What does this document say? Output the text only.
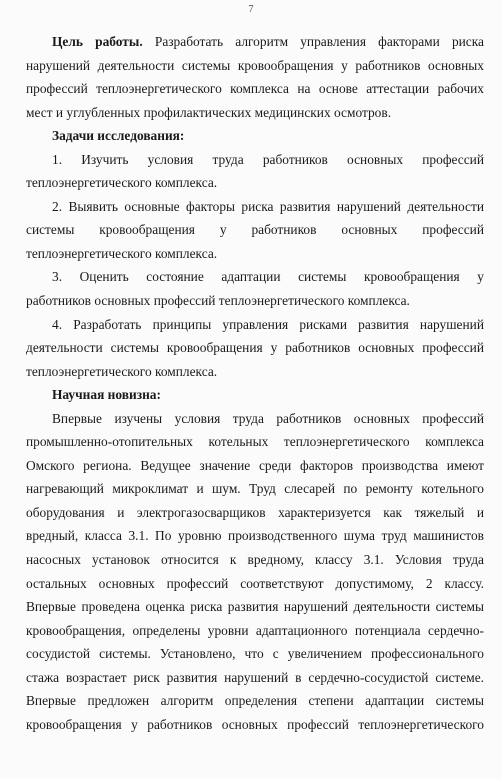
7

Цель работы. Разработать алгоритм управления факторами риска

нарушений деятельности системы кровообращения у работников основных

профессий теплоэнергетического комплекса на основе аттестации рабочих

мест и углубленных профилактических медицинских осмотров.

Задачи исследования:

1. Изучить условия труда работников основных профессий

теплоэнергетического комплекса.

2. Выявить основные факторы риска развития нарушений деятельности

системы кровообращения у работников основных профессий

теплоэнергетического комплекса.

3. Оценить состояние адаптации системы кровообращения у

работников основных профессий теплоэнергетического комплекса.

4. Разработать принципы управления рисками развития нарушений

деятельности системы кровообращения у работников основных профессий

теплоэнергетического комплекса.

Научная новизна:

Впервые изучены условия труда работников основных профессий

промышленно-отопительных котельных теплоэнергетического комплекса

Омского региона. Ведущее значение среди факторов производства имеют

нагревающий микроклимат и шум. Труд слесарей по ремонту котельного

оборудования и электрогазосварщиков характеризуется как тяжелый и

вредный, класса 3.1. По уровню производственного шума труд машинистов

насосных установок относится к вредному, классу 3.1. Условия труда

остальных основных профессий соответствуют допустимому, 2 классу.

Впервые проведена оценка риска развития нарушений деятельности системы

кровообращения, определены уровни адаптационного потенциала сердечно-

сосудистой системы. Установлено, что с увеличением профессионального

стажа возрастает риск развития нарушений в сердечно-сосудистой системе.

Впервые предложен алгоритм определения степени адаптации системы

кровообращения у работников основных профессий теплоэнергетического
